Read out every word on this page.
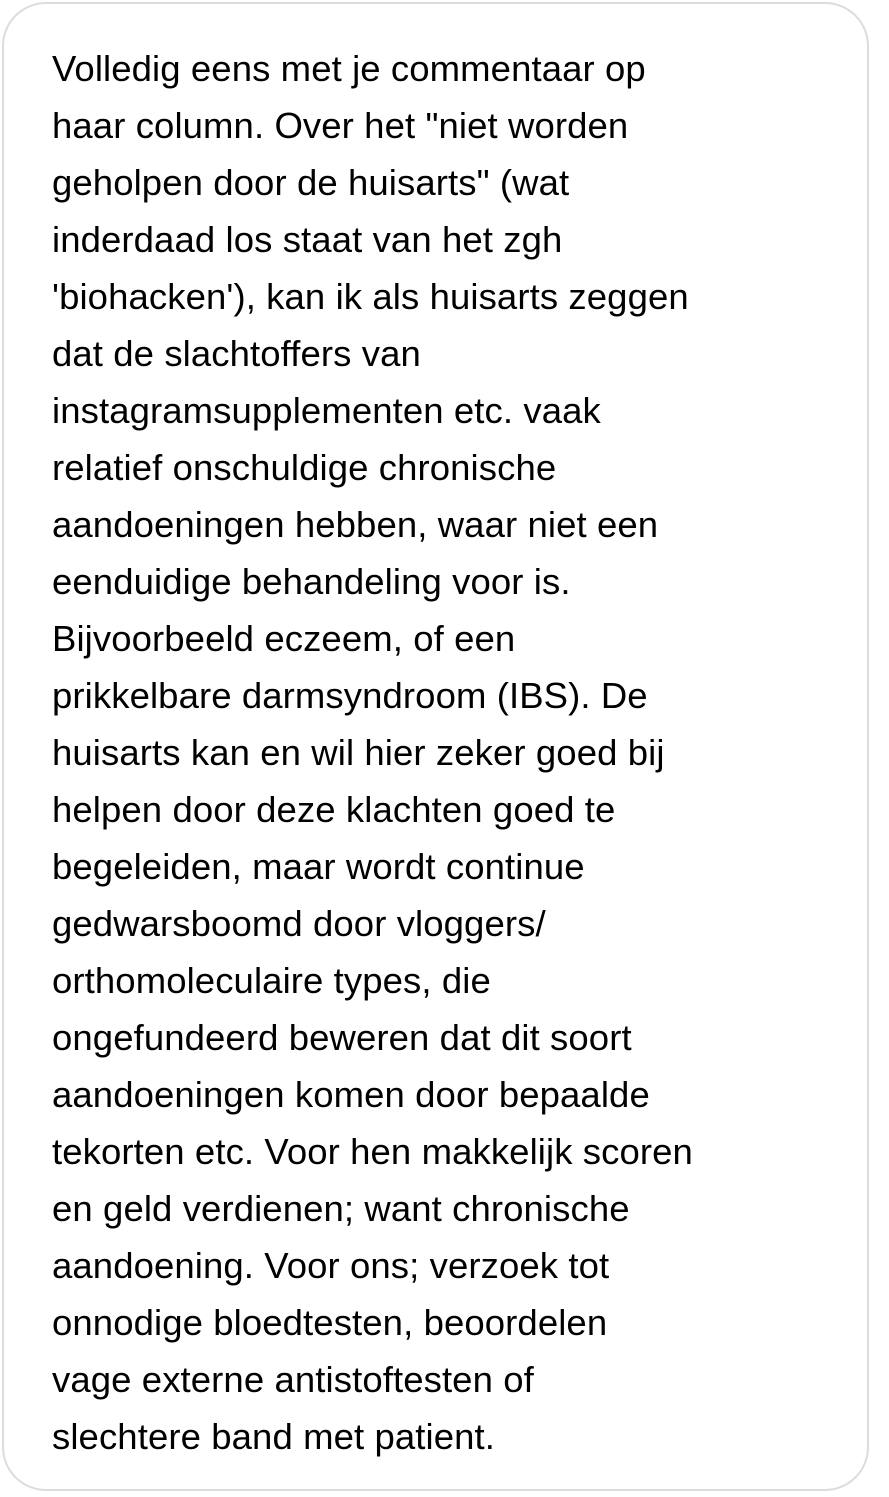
Volledig eens met je commentaar op
haar column. Over het "niet worden
geholpen door de huisarts" (wat
inderdaad los staat van het zgh
'biohacken'), kan ik als huisarts zeggen
dat de slachtoffers van
instagramsupplementen etc. vaak
relatief onschuldige chronische
aandoeningen hebben, waar niet een
eenduidige behandeling voor is.
Bijvoorbeeld eczeem, of een
prikkelbare darmsyndroom (IBS). De
huisarts kan en wil hier zeker goed bij
helpen door deze klachten goed te
begeleiden, maar wordt continue
gedwarsboomd door vloggers/
orthomoleculaire types, die
ongefundeerd beweren dat dit soort
aandoeningen komen door bepaalde
tekorten etc. Voor hen makkelijk scoren
en geld verdienen; want chronische
aandoening. Voor ons; verzoek tot
onnodige bloedtesten, beoordelen
vage externe antistoftesten of
slechtere band met patient.
